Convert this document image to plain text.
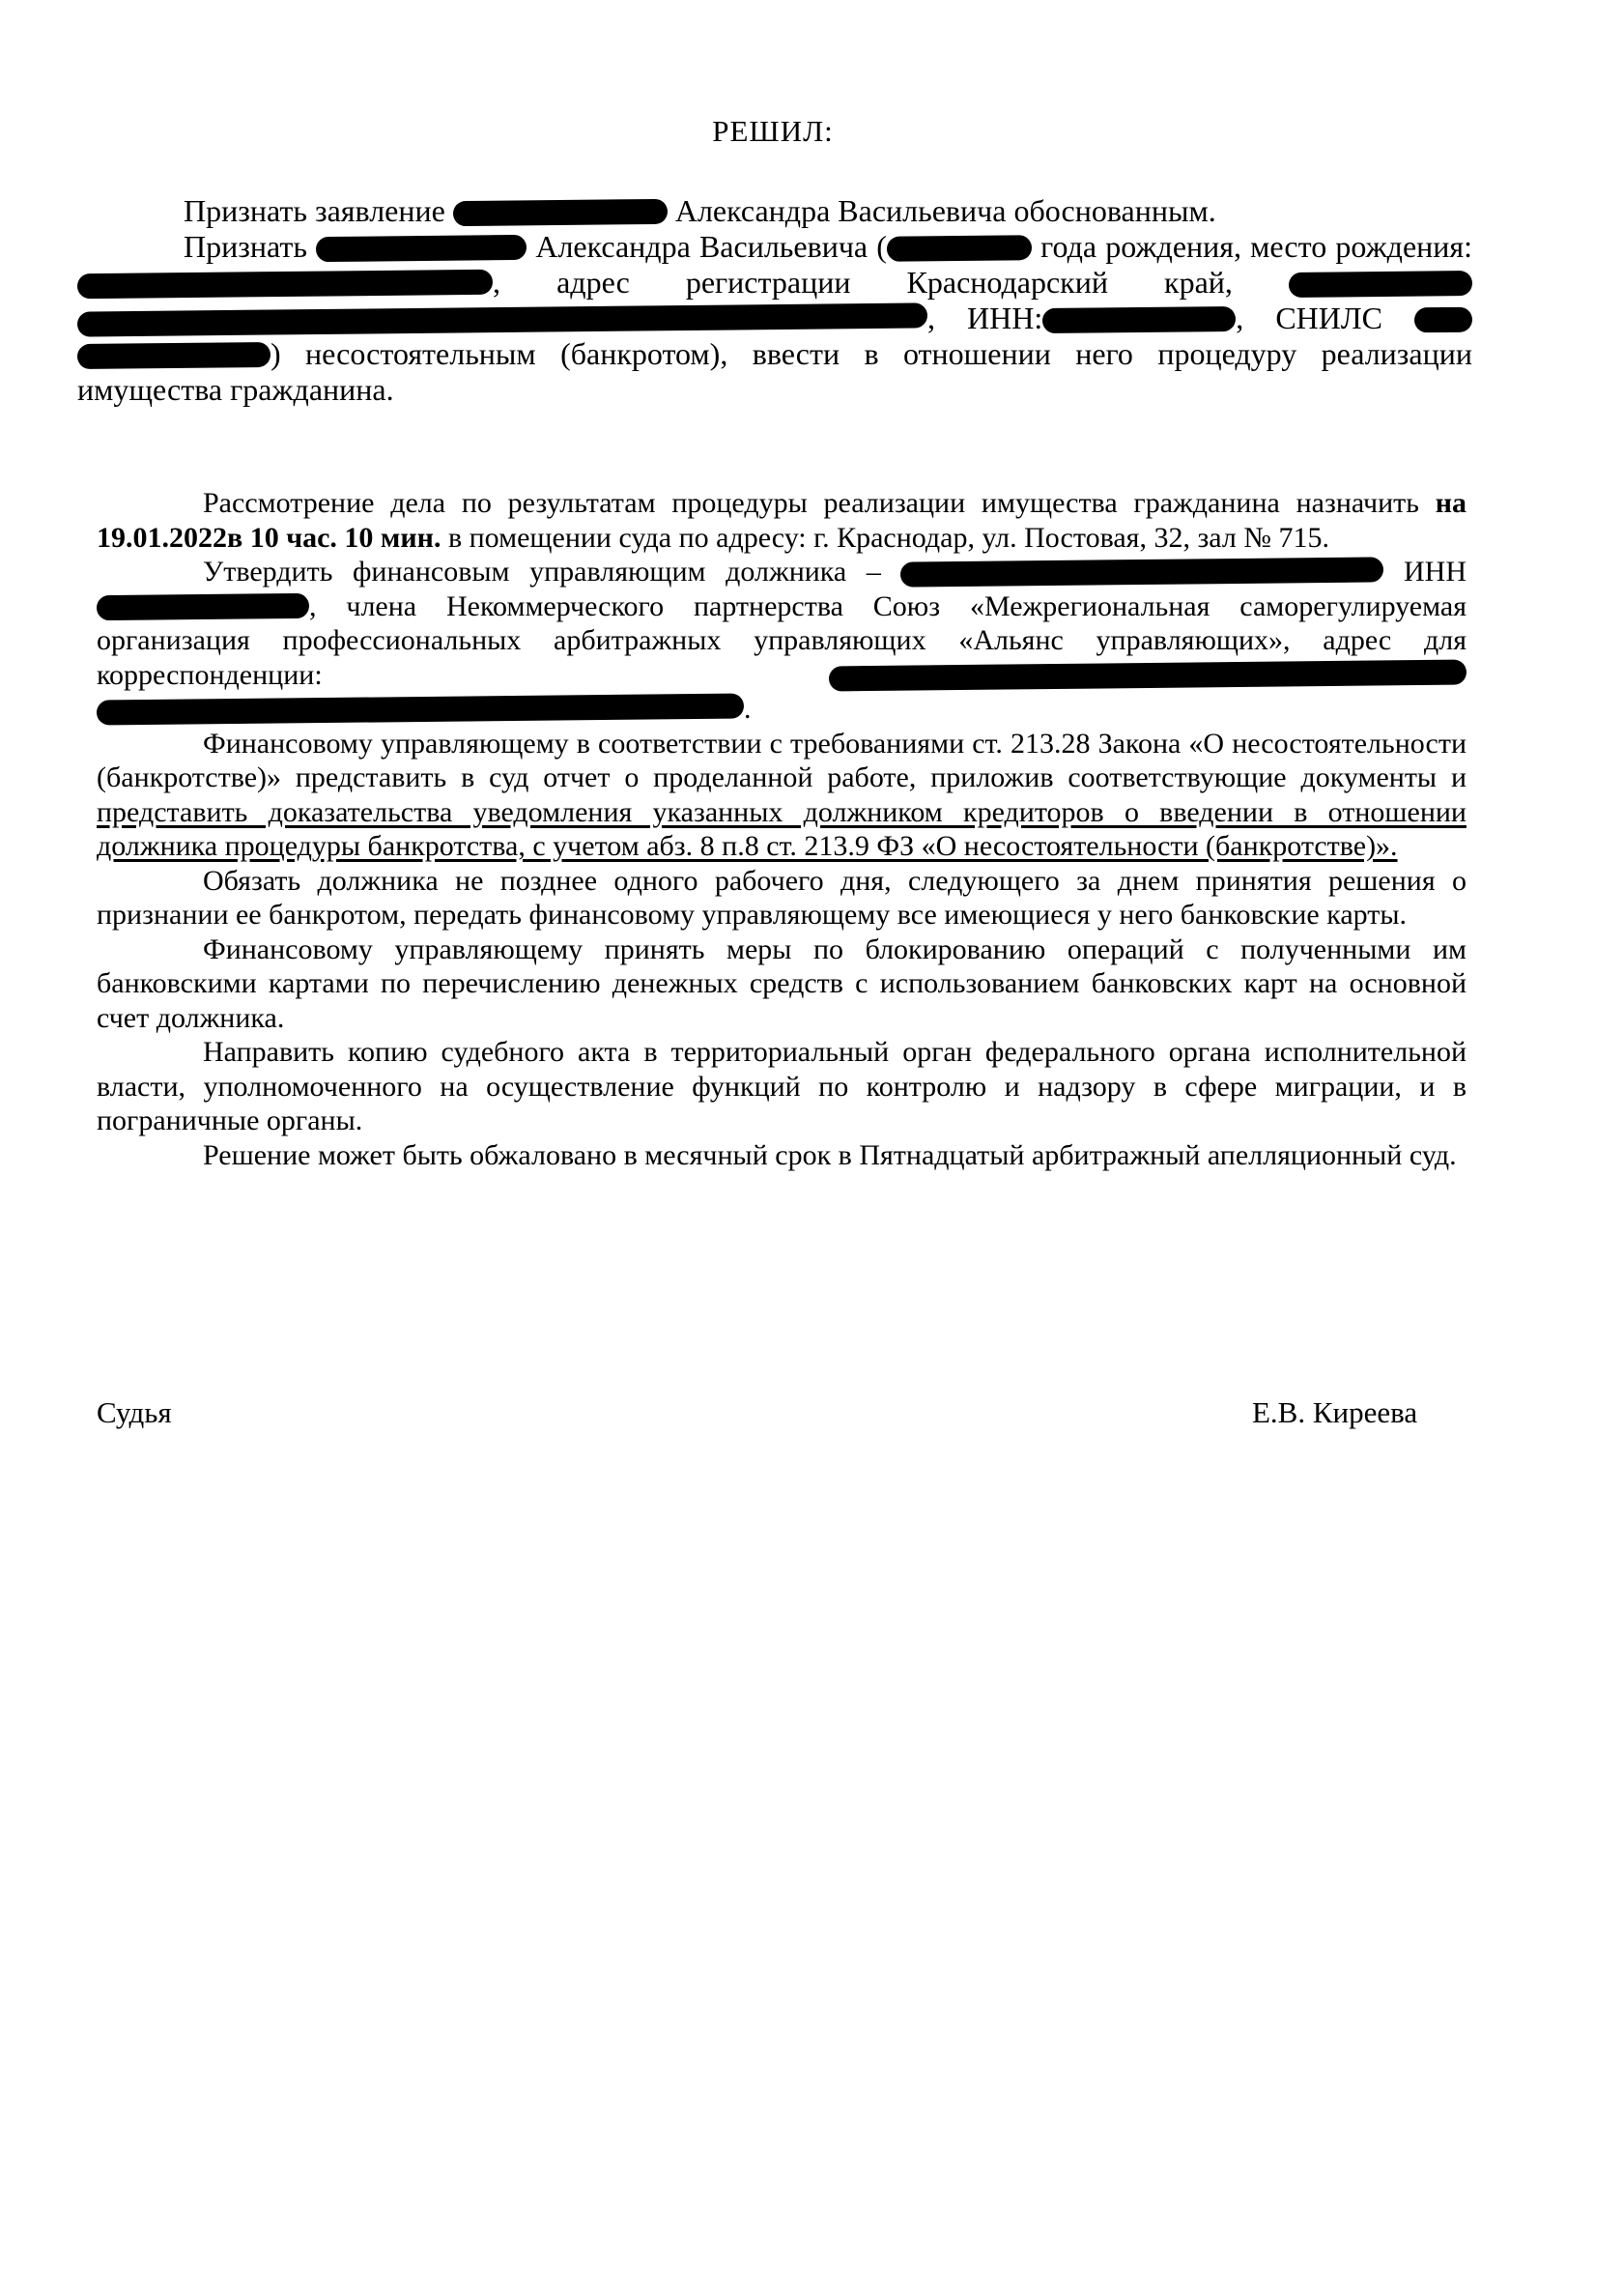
РЕШИЛ:

Признать заявление	Александра Васильевича обоснованным.

Признать	Александра Васильевича (	года рождения, место рождения: , адрес регистрации Краснодарский край,  , ИНН:	, СНИЛС  ) несостоятельным (банкротом), ввести в отношении него процедуру реализации имущества гражданина.

Рассмотрение дела по результатам процедуры реализации имущества гражданина назначить на 19.01.2022в 10 час. 10 мин. в помещении суда по адресу: г. Краснодар, ул. Постовая, 32, зал № 715.

Утвердить финансовым управляющим должника –	ИНН , члена Некоммерческого партнерства Союз «Межрегиональная саморегулируемая организация профессиональных арбитражных управляющих «Альянс управляющих», адрес для корреспонденции:  .

Финансовому управляющему в соответствии с требованиями ст. 213.28 Закона «О несостоятельности (банкротстве)» представить в суд отчет о проделанной работе, приложив соответствующие документы и представить доказательства уведомления указанных должником кредиторов о введении в отношении должника процедуры банкротства, с учетом абз. 8 п.8 ст. 213.9 ФЗ «О несостоятельности (банкротстве)».

Обязать должника не позднее одного рабочего дня, следующего за днем принятия решения о признании ее банкротом, передать финансовому управляющему все имеющиеся у него банковские карты.

Финансовому управляющему принять меры по блокированию операций с полученными им банковскими картами по перечислению денежных средств с использованием банковских карт на основной счет должника.

Направить копию судебного акта в территориальный орган федерального органа исполнительной власти, уполномоченного на осуществление функций по контролю и надзору в сфере миграции, и в пограничные органы.

Решение может быть обжаловано в месячный срок в Пятнадцатый арбитражный апелляционный суд.

Судья	Е.В. Киреева
